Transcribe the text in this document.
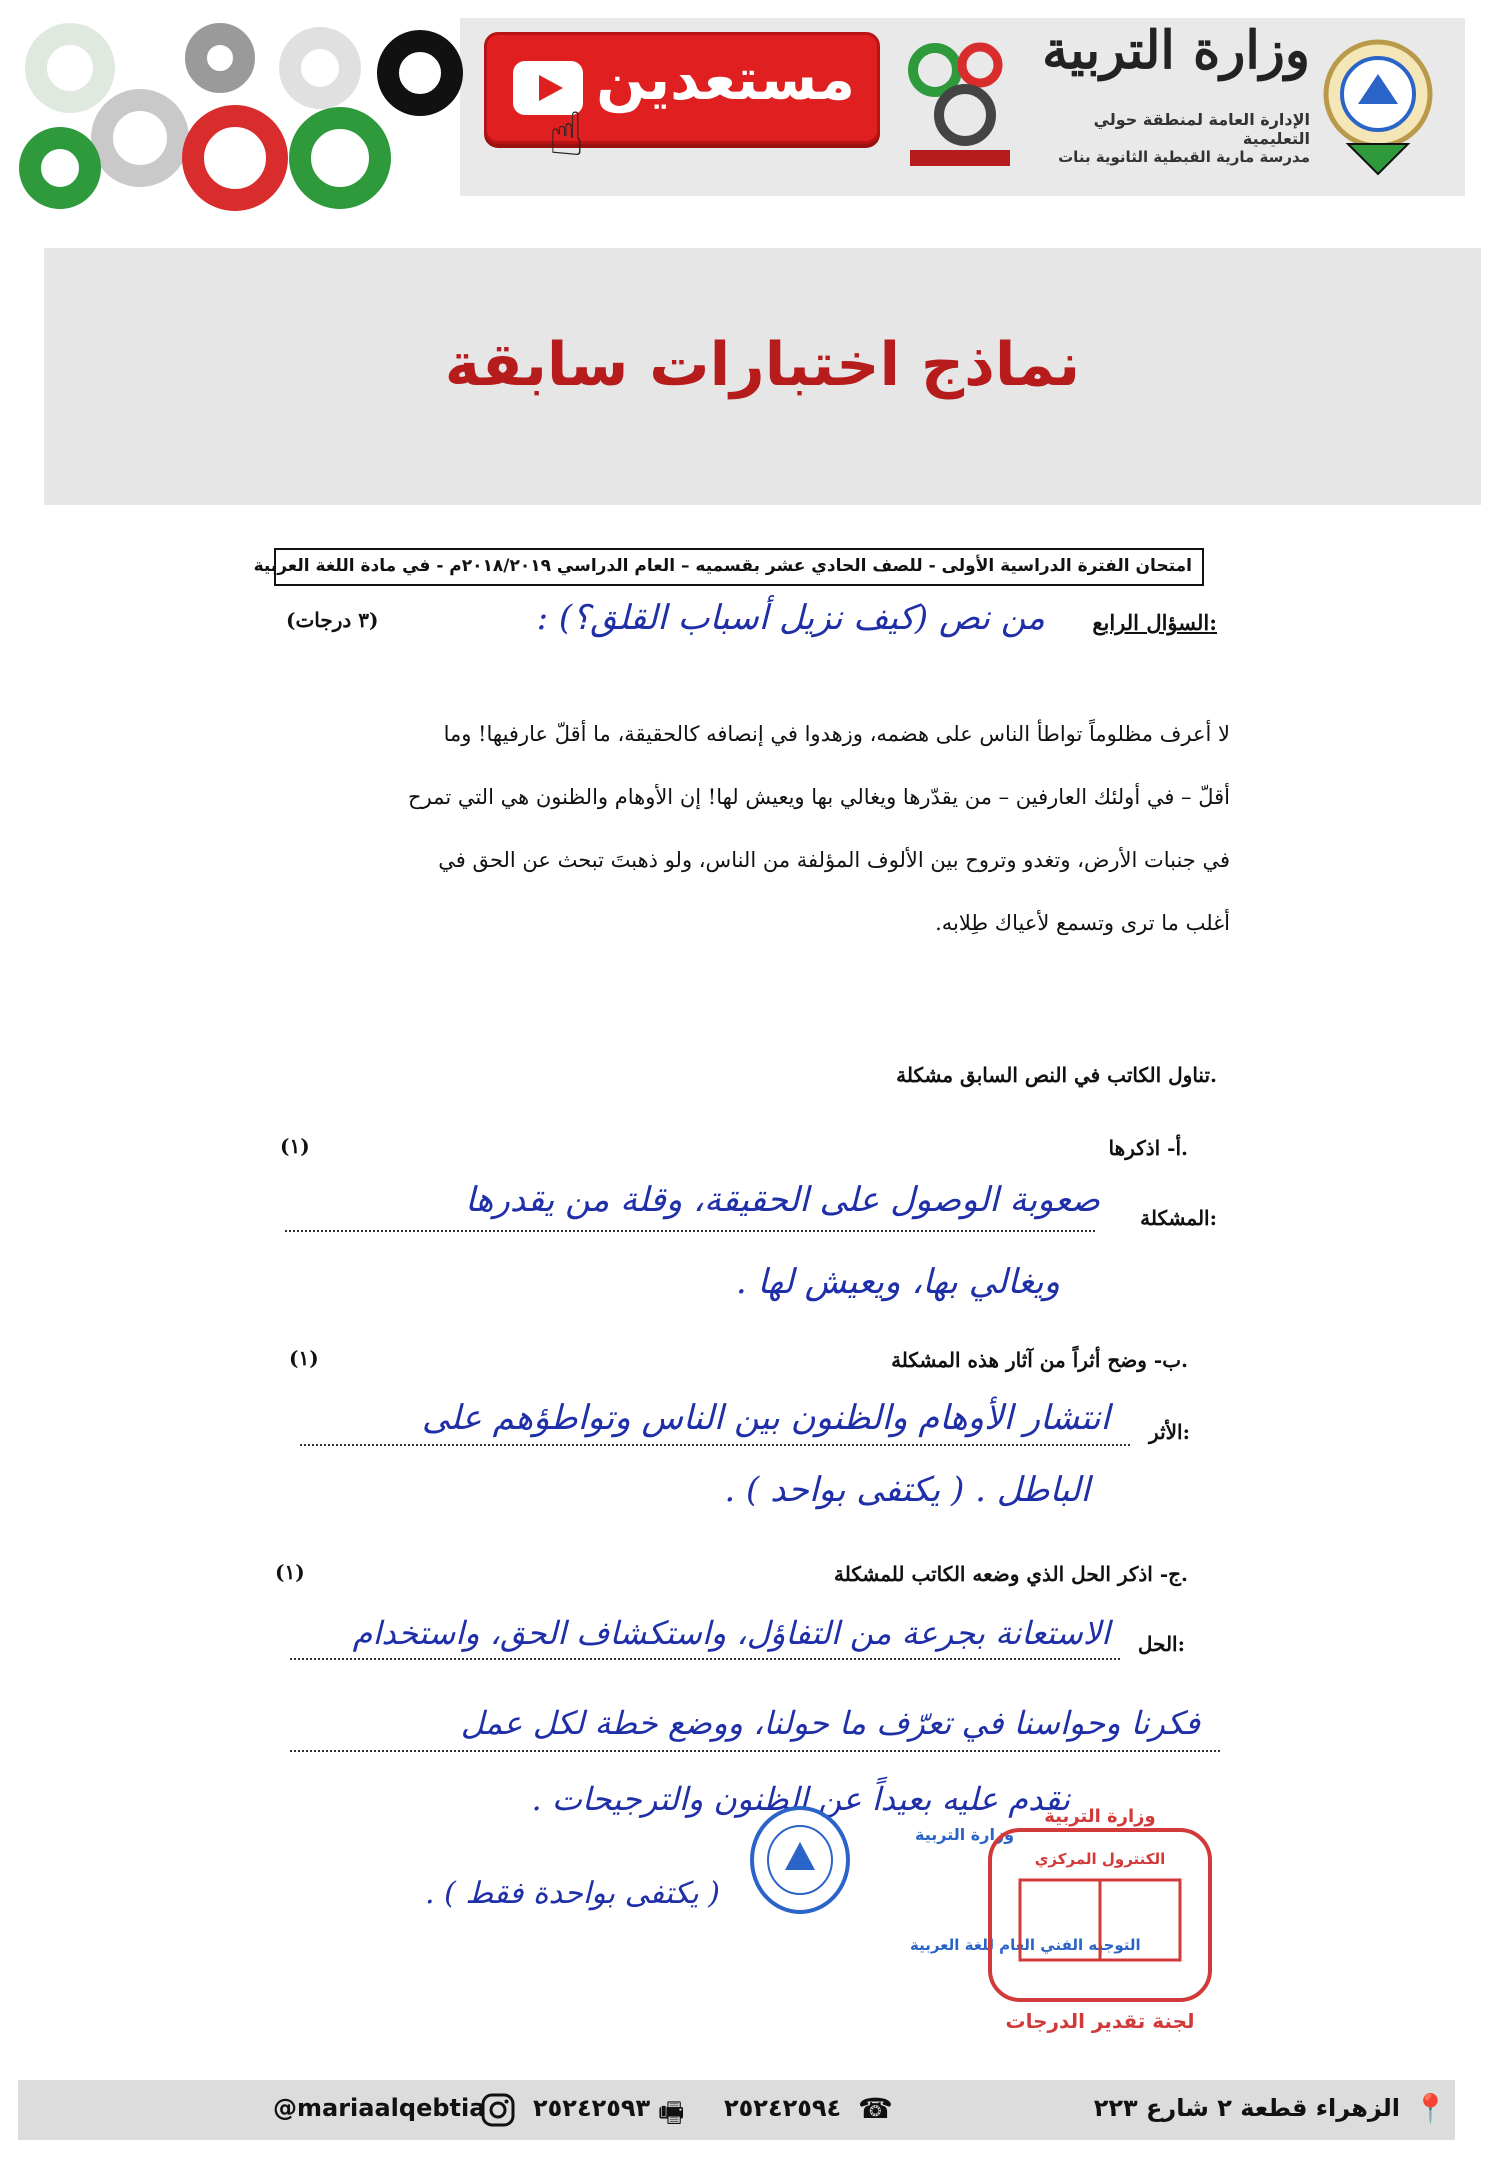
مستعدين
☝
وزارة التربية
الإدارة العامة لمنطقة حولي التعليمية
مدرسة مارية القبطية الثانوية بنات
نماذج اختبارات سابقة
امتحان الفترة الدراسية الأولى - للصف الحادي عشر بقسميه – العام الدراسي ٢٠١٨/٢٠١٩م - في مادة اللغة العربية
السؤال الرابع:
من نص (كيف نزيل أسباب القلق؟) :
(٣ درجات)
لا أعرف مظلوماً تواطأ الناس على هضمه، وزهدوا في إنصافه كالحقيقة، ما أقلّ عارفيها! وما
أقلّ – في أولئك العارفين – من يقدّرها ويغالي بها ويعيش لها! إن الأوهام والظنون هي التي تمرح
في جنبات الأرض، وتغدو وتروح بين الألوف المؤلفة من الناس، ولو ذهبتَ تبحث عن الحق في
أغلب ما ترى وتسمع لأعياك طِلابه.
تناول الكاتب في النص السابق مشكلة.
أ- اذكرها.
(١)
المشكلة:
صعوبة الوصول على الحقيقة، وقلة من يقدرها
ويغالي بها، ويعيش لها .
ب- وضح أثراً من آثار هذه المشكلة.
(١)
الأثر:
انتشار الأوهام والظنون بين الناس وتواطؤهم على
الباطل . ( يكتفى بواحد ) .
ج- اذكر الحل الذي وضعه الكاتب للمشكلة.
(١)
الحل:
الاستعانة بجرعة من التفاؤل، واستكشاف الحق، واستخدام
فكرنا وحواسنا في تعرّف ما حولنا، ووضع خطة لكل عمل
نقدم عليه بعيداً عن الظنون والترجيحات .
( يكتفى بواحدة فقط ) .
وزارة التربية
التوجيه الفني العام للغة العربية
وزارة التربية
الكنترول المركزي
لجنة تقدير الدرجات
📍
الزهراء قطعة ٢ شارع ٢٢٣
☎
٢٥٢٤٢٥٩٤
🖷
٢٥٢٤٢٥٩٣
@mariaalqebtia
